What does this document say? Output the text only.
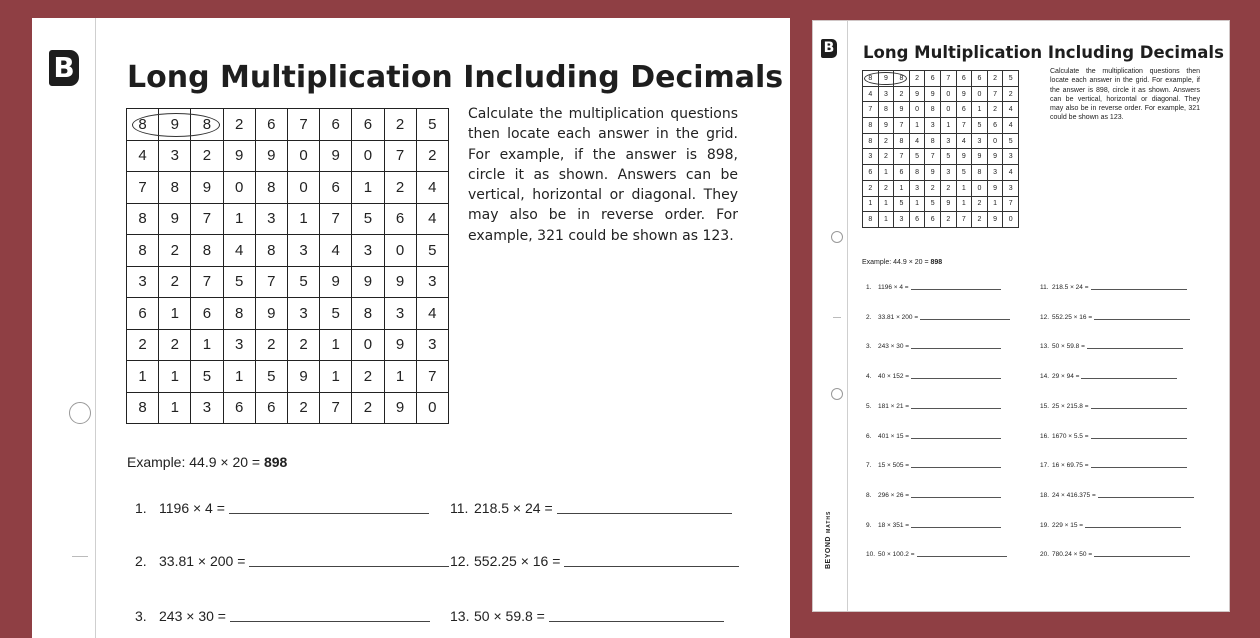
B Long Multiplication Including Decimals
8	9	8	2	6	7	6	6	2	5
4	3	2	9	9	0	9	0	7	2
7	8	9	0	8	0	6	1	2	4
8	9	7	1	3	1	7	5	6	4
8	2	8	4	8	3	4	3	0	5
3	2	7	5	7	5	9	9	9	3
6	1	6	8	9	3	5	8	3	4
2	2	1	3	2	2	1	0	9	3
1	1	5	1	5	9	1	2	1	7
8	1	3	6	6	2	7	2	9	0
Calculate the multiplication questions then locate each answer in the grid. For example, if the answer is 898, circle it as shown. Answers can be vertical, horizontal or diagonal. They may also be in reverse order. For example, 321 could be shown as 123.
Example: 44.9 × 20 = 898
1. 1196 × 4 =	11. 218.5 × 24 =
2. 33.81 × 200 =	12. 552.25 × 16 =
3. 243 × 30 =	13. 50 × 59.8 =
B Long Multiplication Including Decimals
8	9	8	2	6	7	6	6	2	5
4	3	2	9	9	0	9	0	7	2
7	8	9	0	8	0	6	1	2	4
8	9	7	1	3	1	7	5	6	4
8	2	8	4	8	3	4	3	0	5
3	2	7	5	7	5	9	9	9	3
6	1	6	8	9	3	5	8	3	4
2	2	1	3	2	2	1	0	9	3
1	1	5	1	5	9	1	2	1	7
8	1	3	6	6	2	7	2	9	0
Calculate the multiplication questions then locate each answer in the grid. For example, if the answer is 898, circle it as shown. Answers can be vertical, horizontal or diagonal. They may also be in reverse order. For example, 321 could be shown as 123.
Example: 44.9 × 20 = 898
1.	1196 × 4 =	11. 218.5 × 24 =
2.	33.81 × 200 =	12. 552.25 × 16 =
3.	243 × 30 =	13. 50 × 59.8 =
4.	40 × 152 =	14. 29 × 94 =
5.	181 × 21 =	15. 25 × 215.8 =
6.	401 × 15 =	16. 1670 × 5.5 =
7.	15 × 505 =	17. 16 × 69.75 =
8.	296 × 26 =	18. 24 × 416.375 =
9.	18 × 351 =	19. 229 × 15 =
10. 50 × 100.2 =	20. 780.24 × 50 =
BEYONDMATHS
